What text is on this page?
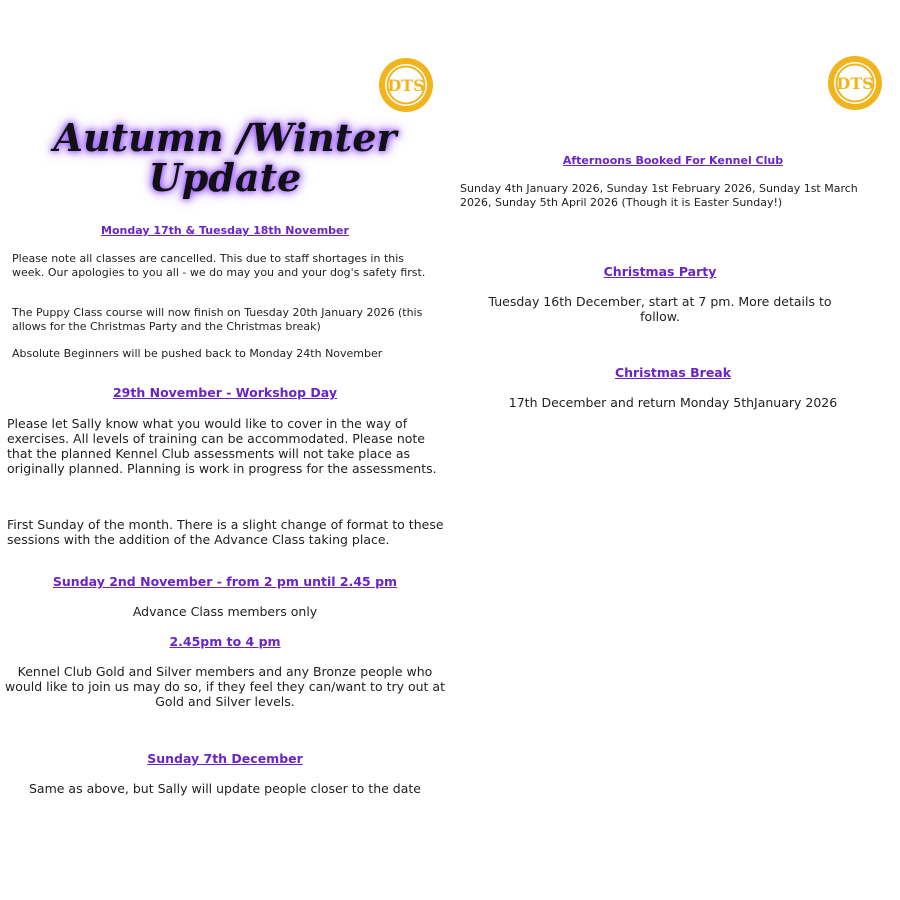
DTS
Autumn /Winter
Update

Monday 17th & Tuesday 18th November

Please note all classes are cancelled. This due to staff shortages in this week. Our apologies to you all - we do may you and your dog's safety first.

The Puppy Class course will now finish on Tuesday 20th January 2026 (this allows for the Christmas Party and the Christmas break)

Absolute Beginners will be pushed back to Monday 24th November

29th November - Workshop Day

Please let Sally know what you would like to cover in the way of exercises. All levels of training can be accommodated. Please note that the planned Kennel Club assessments will not take place as originally planned. Planning is work in progress for the assessments.

First Sunday of the month. There is a slight change of format to these sessions with the addition of the Advance Class taking place.

Sunday 2nd November - from 2 pm until 2.45 pm

Advance Class members only

2.45pm to 4 pm

Kennel Club Gold and Silver members and any Bronze people who would like to join us may do so, if they feel they can/want to try out at Gold and Silver levels.

Sunday 7th December

Same as above, but Sally will update people closer to the date

DTS

Afternoons Booked For Kennel Club

Sunday 4th January 2026, Sunday 1st February 2026, Sunday 1st March 2026, Sunday 5th April 2026 (Though it is Easter Sunday!)

Christmas Party

Tuesday 16th December, start at 7 pm. More details to follow.

Christmas Break

17th December and return Monday 5thJanuary 2026
